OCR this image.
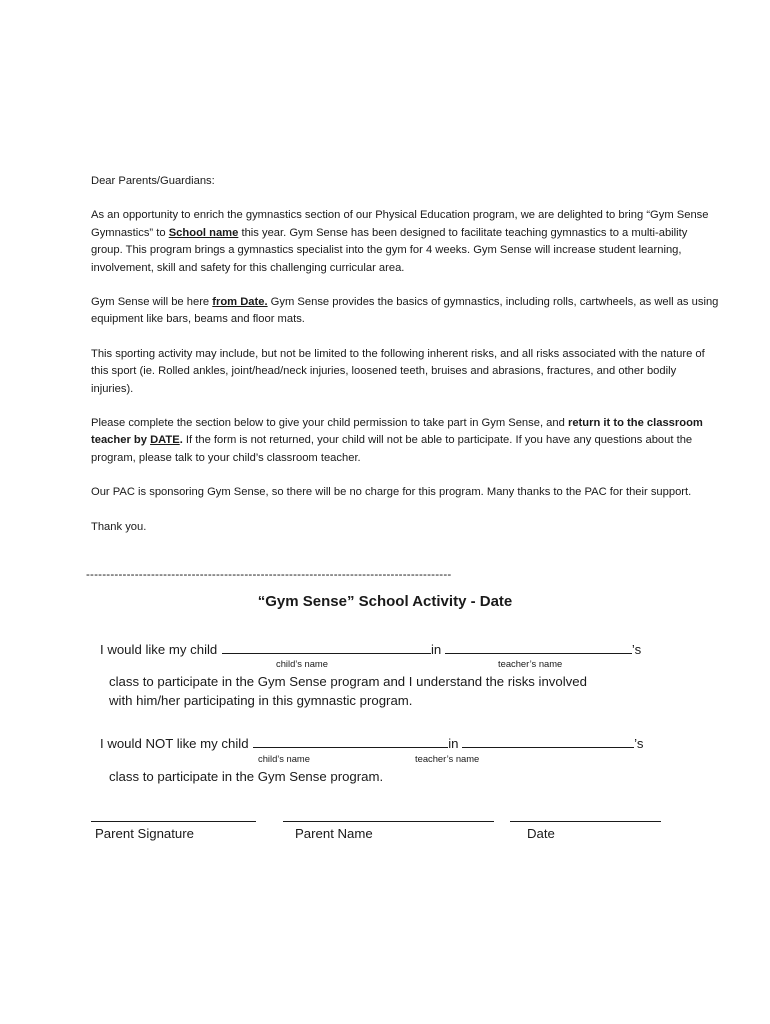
Dear Parents/Guardians:

As an opportunity to enrich the gymnastics section of our Physical Education program, we are delighted to bring “Gym Sense Gymnastics” to School name this year. Gym Sense has been designed to facilitate teaching gymnastics to a multi-ability group. This program brings a gymnastics specialist into the gym for 4 weeks. Gym Sense will increase student learning, involvement, skill and safety for this challenging curricular area.

Gym Sense will be here from Date. Gym Sense provides the basics of gymnastics, including rolls, cartwheels, as well as using equipment like bars, beams and floor mats.

This sporting activity may include, but not be limited to the following inherent risks, and all risks associated with the nature of this sport (ie. Rolled ankles, joint/head/neck injuries, loosened teeth, bruises and abrasions, fractures, and other bodily injuries).

Please complete the section below to give your child permission to take part in Gym Sense, and return it to the classroom teacher by DATE. If the form is not returned, your child will not be able to participate. If you have any questions about the program, please talk to your child’s classroom teacher.

Our PAC is sponsoring Gym Sense, so there will be no charge for this program. Many thanks to the PAC for their support.

Thank you.

------------------------------------------------------------------------------------------
“Gym Sense” School Activity - Date
I would like my child	in	’s
child’s name	teacher’s name
class to participate in the Gym Sense program and I understand the risks involved
with him/her participating in this gymnastic program.
I would NOT like my child	in	’s
child’s name	teacher’s name
class to participate in the Gym Sense program.
Parent Signature	Parent Name	Date
